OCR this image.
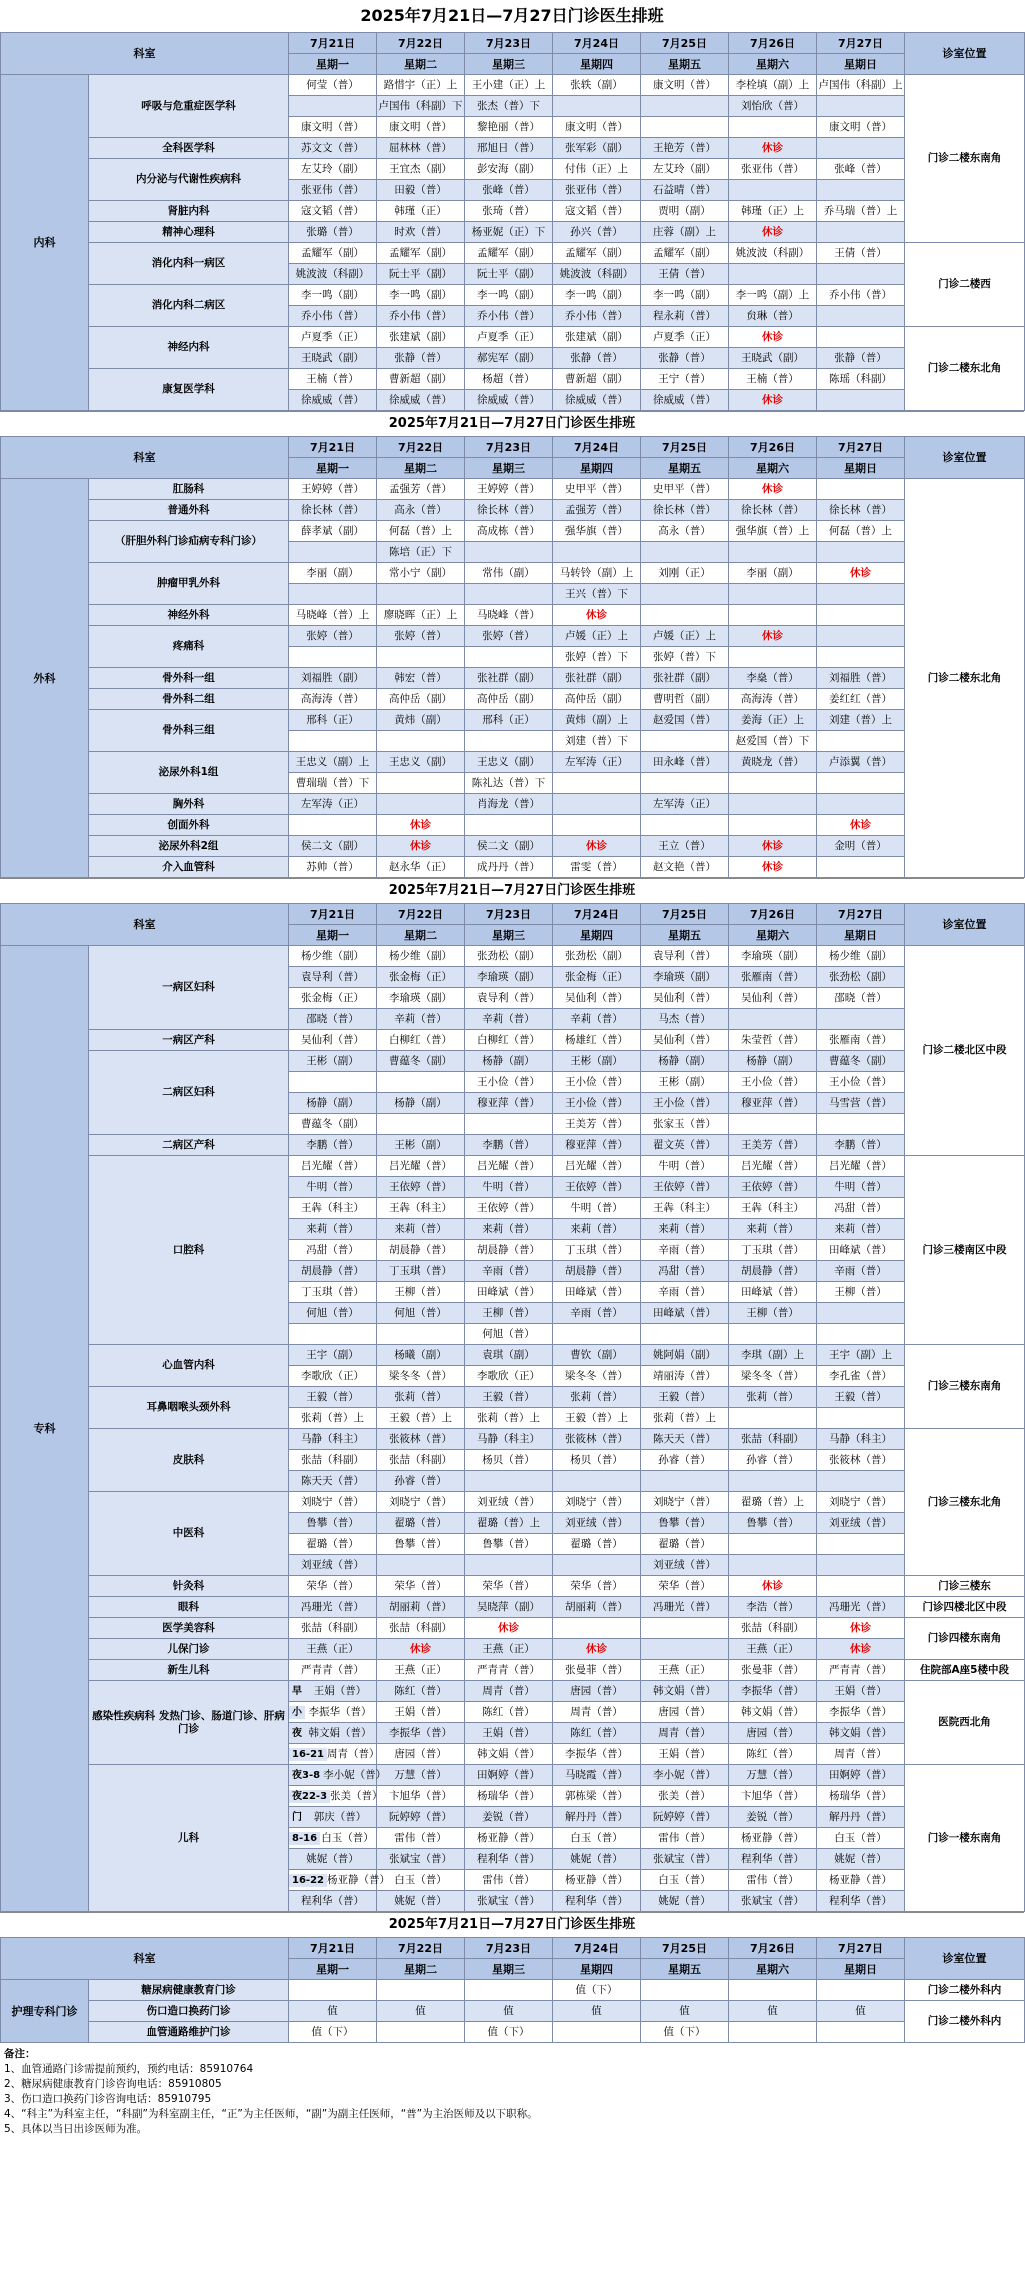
2025年7月21日—7月27日门诊医生排班
科室		7月21日	7月22日	7月23日	7月24日	7月25日	7月26日	7月27日	诊室位置
		星期一	星期二	星期三	星期四	星期五	星期六	星期日	
内科	呼吸与危重症医学科	何莹（普）	路惜宇（正）上	王小建（正）上	张轶（副）	康文明（普）	李栓填（副）上	卢国伟（科副）上	门诊二楼东南角
			卢国伟（科副）下	张杰（普）下			刘怡欣（普）		
		康文明（普）	康文明（普）	黎艳丽（普）	康文明（普）			康文明（普）	
	全科医学科	苏文文（普）	屈林林（普）	邢旭日（普）	张军彩（副）	王艳芳（普）	休诊		
	内分泌与代谢性疾病科	左艾玲（副）	王宜杰（副）	彭安海（副）	付伟（正）上	左艾玲（副）	张亚伟（普）	张峰（普）	
		张亚伟（普）	田毅（普）	张峰（普）	张亚伟（普）	石益晴（普）			
	肾脏内科	寇文韬（普）	韩瑾（正）	张琦（普）	寇文韬（普）	贾明（副）	韩瑾（正）上	乔马瑞（普）上	
	精神心理科	张璐（普）	时欢（普）	杨亚妮（正）下	孙兴（普）	庄蓉（副）上	休诊		
	消化内科一病区	孟耀军（副）	孟耀军（副）	孟耀军（副）	孟耀军（副）	孟耀军（副）	姚波波（科副）	王倩（普）	门诊二楼西
		姚波波（科副）	阮士平（副）	阮士平（副）	姚波波（科副）	王倩（普）			
	消化内科二病区	李一鸣（副）	李一鸣（副）	李一鸣（副）	李一鸣（副）	李一鸣（副）	李一鸣（副）上	乔小伟（普）	
		乔小伟（普）	乔小伟（普）	乔小伟（普）	乔小伟（普）	程永莉（普）	贠琳（普）		
	神经内科	卢夏季（正）	张建斌（副）	卢夏季（正）	张建斌（副）	卢夏季（正）	休诊		门诊二楼东北角
		王晓武（副）	张静（普）	郝宪军（副）	张静（普）	张静（普）	王晓武（副）	张静（普）	
	康复医学科	王楠（普）	曹新超（副）	杨超（普）	曹新超（副）	王宁（普）	王楠（普）	陈瑶（科副）	
		徐威威（普）	徐威威（普）	徐威威（普）	徐威威（普）	徐威威（普）	休诊		
2025年7月21日—7月27日门诊医生排班
科室		7月21日	7月22日	7月23日	7月24日	7月25日	7月26日	7月27日	诊室位置
		星期一	星期二	星期三	星期四	星期五	星期六	星期日	
外科	肛肠科	王婷婷（普）	孟强芳（普）	王婷婷（普）	史甲平（普）	史甲平（普）	休诊		门诊二楼东北角
	普通外科	徐长林（普）	高永（普）	徐长林（普）	孟强芳（普）	徐长林（普）	徐长林（普）	徐长林（普）	
	（肝胆外科门诊疝病专科门诊）	薛孝斌（副）	何磊（普）上	高成栋（普）	强华旗（普）	高永（普）	强华旗（普）上	何磊（普）上	
			陈培（正）下						
	肿瘤甲乳外科	李丽（副）	常小宁（副）	常伟（副）	马转铃（副）上	刘刚（正）	李丽（副）	休诊	
					王兴（普）下				
	神经外科	马晓峰（普）上	廖晓晖（正）上	马晓峰（普）	休诊				
	疼痛科	张婷（普）	张婷（普）	张婷（普）	卢媛（正）上	卢媛（正）上	休诊		
					张婷（普）下	张婷（普）下			
	骨外科一组	刘福胜（副）	韩宏（普）	张社群（副）	张社群（副）	张社群（副）	李燊（普）	刘福胜（普）	
	骨外科二组	高海涛（普）	高仲岳（副）	高仲岳（副）	高仲岳（副）	曹明哲（副）	高海涛（普）	姜红红（普）	
	骨外科三组	邢科（正）	黄炜（副）	邢科（正）	黄炜（副）上	赵爱国（普）	姜海（正）上	刘建（普）上	
					刘建（普）下		赵爱国（普）下		
	泌尿外科1组	王忠义（副）上	王忠义（副）	王忠义（副）	左军涛（正）	田永峰（普）	黄晓龙（普）	卢添翼（普）	
		曹瑞瑞（普）下		陈礼达（普）下					
	胸外科	左军涛（正）		肖海龙（普）		左军涛（正）			
	创面外科		休诊					休诊	
	泌尿外科2组	侯二文（副）	休诊	侯二文（副）	休诊	王立（普）	休诊	金明（普）	
	介入血管科	苏帅（普）	赵永华（正）	成丹丹（普）	雷雯（普）	赵文艳（普）	休诊		
2025年7月21日—7月27日门诊医生排班
科室		7月21日	7月22日	7月23日	7月24日	7月25日	7月26日	7月27日	诊室位置
		星期一	星期二	星期三	星期四	星期五	星期六	星期日	
专科	一病区妇科	杨少维（副）	杨少维（副）	张劲松（副）	张劲松（副）	袁导利（普）	李瑜瑛（副）	杨少维（副）	门诊二楼北区中段
		袁导利（普）	张金梅（正）	李瑜瑛（副）	张金梅（正）	李瑜瑛（副）	张雁南（普）	张劲松（副）	
		张金梅（正）	李瑜瑛（副）	袁导利（普）	吴仙利（普）	吴仙利（普）	吴仙利（普）	邵晓（普）	
		邵晓（普）	辛莉（普）	辛莉（普）	辛莉（普）	马杰（普）			
	一病区产科	吴仙利（普）	白柳红（普）	白柳红（普）	杨雄红（普）	吴仙利（普）	朱莹哲（普）	张雁南（普）	
	二病区妇科	王彬（副）	曹蕴冬（副）	杨静（副）	王彬（副）	杨静（副）	杨静（副）	曹蕴冬（副）	
				王小俭（普）	王小俭（普）	王彬（副）	王小俭（普）	王小俭（普）	
		杨静（副）	杨静（副）	穆亚萍（普）	王小俭（普）	王小俭（普）	穆亚萍（普）	马雪营（普）	
		曹蕴冬（副）			王美芳（普）	张家玉（普）			
	二病区产科	李鹏（普）	王彬（副）	李鹏（普）	穆亚萍（普）	翟文英（普）	王美芳（普）	李鹏（普）	
	口腔科	吕光耀（普）	吕光耀（普）	吕光耀（普）	吕光耀（普）	牛明（普）	吕光耀（普）	吕光耀（普）	门诊三楼南区中段
		牛明（普）	王依婷（普）	牛明（普）	王依婷（普）	王依婷（普）	王依婷（普）	牛明（普）	
		王犇（科主）	王犇（科主）	王依婷（普）	牛明（普）	王犇（科主）	王犇（科主）	冯甜（普）	
		来莉（普）	来莉（普）	来莉（普）	来莉（普）	来莉（普）	来莉（普）	来莉（普）	
		冯甜（普）	胡晨静（普）	胡晨静（普）	丁玉琪（普）	辛雨（普）	丁玉琪（普）	田峰斌（普）	
		胡晨静（普）	丁玉琪（普）	辛雨（普）	胡晨静（普）	冯甜（普）	胡晨静（普）	辛雨（普）	
		丁玉琪（普）	王柳（普）	田峰斌（普）	田峰斌（普）	辛雨（普）	田峰斌（普）	王柳（普）	
		何旭（普）	何旭（普）	王柳（普）	辛雨（普）	田峰斌（普）	王柳（普）		
				何旭（普）					
	心血管内科	王宇（副）	杨曦（副）	袁琪（副）	曹钦（副）	姚阿娟（副）	李琪（副）上	王宇（副）上	门诊三楼东南角
		李歌欣（正）	梁冬冬（普）	李歌欣（正）	梁冬冬（普）	靖丽涛（普）	梁冬冬（普）	李孔雀（普）	
	耳鼻咽喉头颈外科	王毅（普）	张莉（普）	王毅（普）	张莉（普）	王毅（普）	张莉（普）	王毅（普）	
		张莉（普）上	王毅（普）上	张莉（普）上	王毅（普）上	张莉（普）上			
	皮肤科	马静（科主）	张筱林（普）	马静（科主）	张筱林（普）	陈天天（普）	张喆（科副）	马静（科主）	门诊三楼东北角
		张喆（科副）	张喆（科副）	杨贝（普）	杨贝（普）	孙睿（普）	孙睿（普）	张筱林（普）	
		陈天天（普）	孙睿（普）						
	中医科	刘晓宁（普）	刘晓宁（普）	刘亚绒（普）	刘晓宁（普）	刘晓宁（普）	翟璐（普）上	刘晓宁（普）	
		鲁攀（普）	翟璐（普）	翟璐（普）上	刘亚绒（普）	鲁攀（普）	鲁攀（普）	刘亚绒（普）	
		翟璐（普）	鲁攀（普）	鲁攀（普）	翟璐（普）	翟璐（普）			
		刘亚绒（普）				刘亚绒（普）			
	针灸科	荣华（普）	荣华（普）	荣华（普）	荣华（普）	荣华（普）	休诊		门诊三楼东
	眼科	冯珊光（普）	胡丽莉（普）	吴晓萍（副）	胡丽莉（普）	冯珊光（普）	李浩（普）	冯珊光（普）	门诊四楼北区中段
	医学美容科	张喆（科副）	张喆（科副）	休诊			张喆（科副）	休诊	门诊四楼东南角
	儿保门诊	王燕（正）	休诊	王燕（正）	休诊		王燕（正）	休诊	
	新生儿科	严青青（普）	王燕（正）	严青青（普）	张曼菲（普）	王燕（正）	张曼菲（普）	严青青（普）	住院部A座5楼中段
	感染性疾病科 发热门诊、肠道门诊、肝病门诊	早 王娟（普）	陈红（普）	周青（普）	唐园（普）	韩文娟（普）	李振华（普）	王娟（普）	医院西北角

		小 李振华（普）	王娟（普）	陈红（普）	周青（普）	唐园（普）	韩文娟（普）	李振华（普）	

		夜 韩文娟（普）	李振华（普）	王娟（普）	陈红（普）	周青（普）	唐园（普）	韩文娟（普）	

		16-21 周青（普）	唐园（普）	韩文娟（普）	李振华（普）	王娟（普）	陈红（普）	周青（普）	
	儿科	夜3-8 李小妮（普）	万慧（普）	田婀婷（普）	马晓霞（普）	李小妮（普）	万慧（普）	田婀婷（普）	门诊一楼东南角

		夜22-3 张美（普）	卞旭华（普）	杨瑞华（普）	郭栋梁（普）	张美（普）	卞旭华（普）	杨瑞华（普）	

		门 郭庆（普）	阮婷婷（普）	姜锐（普）	解丹丹（普）	阮婷婷（普）	姜锐（普）	解丹丹（普）	

		8-16 白玉（普）	雷伟（普）	杨亚静（普）	白玉（普）	雷伟（普）	杨亚静（普）	白玉（普）	
		姚妮（普）	张斌宝（普）	程利华（普）	姚妮（普）	张斌宝（普）	程利华（普）	姚妮（普）	

		16-22 杨亚静（普）	白玉（普）	雷伟（普）	杨亚静（普）	白玉（普）	雷伟（普）	杨亚静（普）	
		程利华（普）	姚妮（普）	张斌宝（普）	程利华（普）	姚妮（普）	张斌宝（普）	程利华（普）	
2025年7月21日—7月27日门诊医生排班
科室		7月21日	7月22日	7月23日	7月24日	7月25日	7月26日	7月27日	诊室位置
		星期一	星期二	星期三	星期四	星期五	星期六	星期日	
护理专科门诊	糖尿病健康教育门诊				值（下）				门诊二楼外科内
	伤口造口换药门诊	值	值	值	值	值	值	值	门诊二楼外科内
	血管通路维护门诊	值（下）		值（下）		值（下）			
备注：
1、血管通路门诊需提前预约，预约电话：85910764
2、糖尿病健康教育门诊咨询电话：85910805
3、伤口造口换药门诊咨询电话：85910795
4、“科主”为科室主任，“科副”为科室副主任，“正”为主任医师，“副”为副主任医师，“普”为主治医师及以下职称。
5、具体以当日出诊医师为准。
